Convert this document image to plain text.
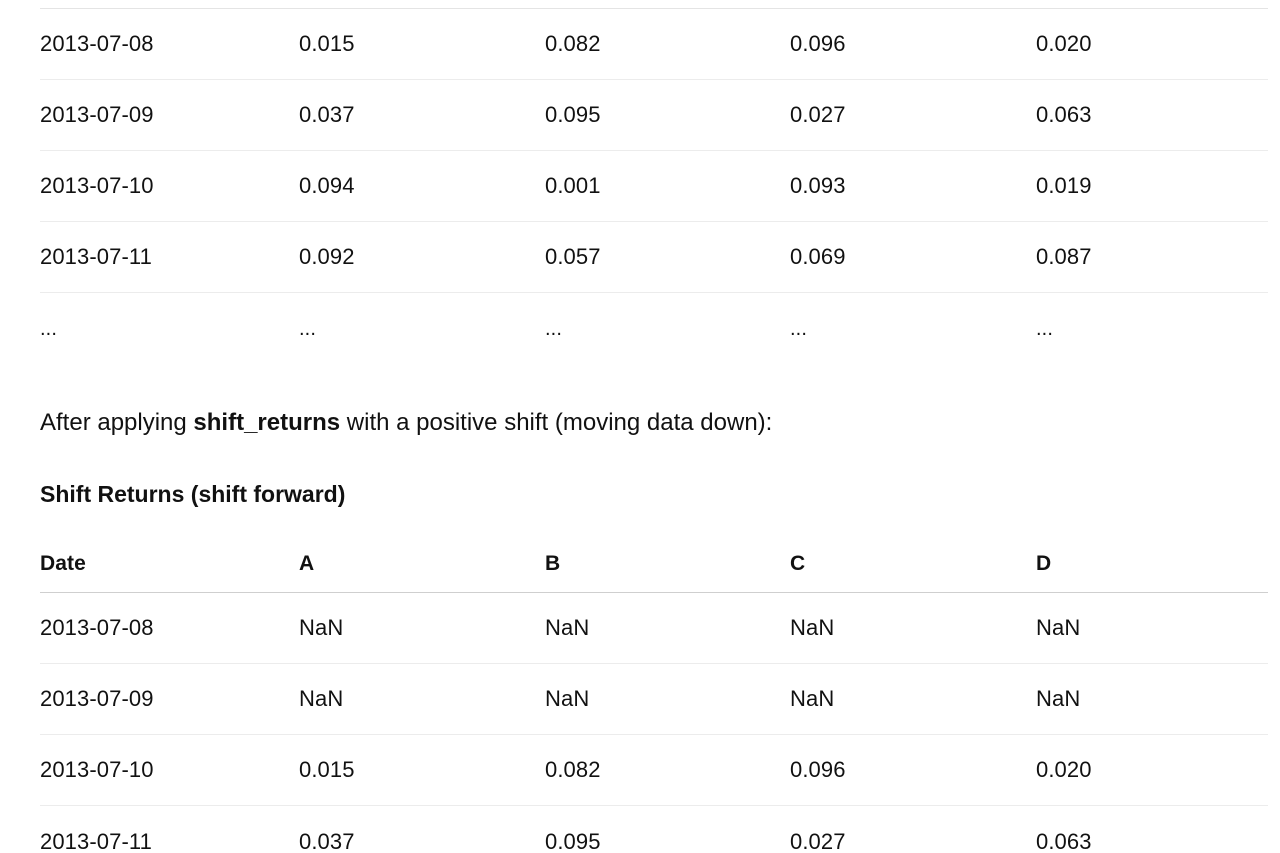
2013-07-08	0.015	0.082	0.096	0.020
2013-07-09	0.037	0.095	0.027	0.063
2013-07-10	0.094	0.001	0.093	0.019
2013-07-11	0.092	0.057	0.069	0.087
...	...	...	...	...
After applying shift_returns with a positive shift (moving data down):
Shift Returns (shift forward)
Date	A	B	C	D
2013-07-08	NaN	NaN	NaN	NaN
2013-07-09	NaN	NaN	NaN	NaN
2013-07-10	0.015	0.082	0.096	0.020
2013-07-11	0.037	0.095	0.027	0.063
